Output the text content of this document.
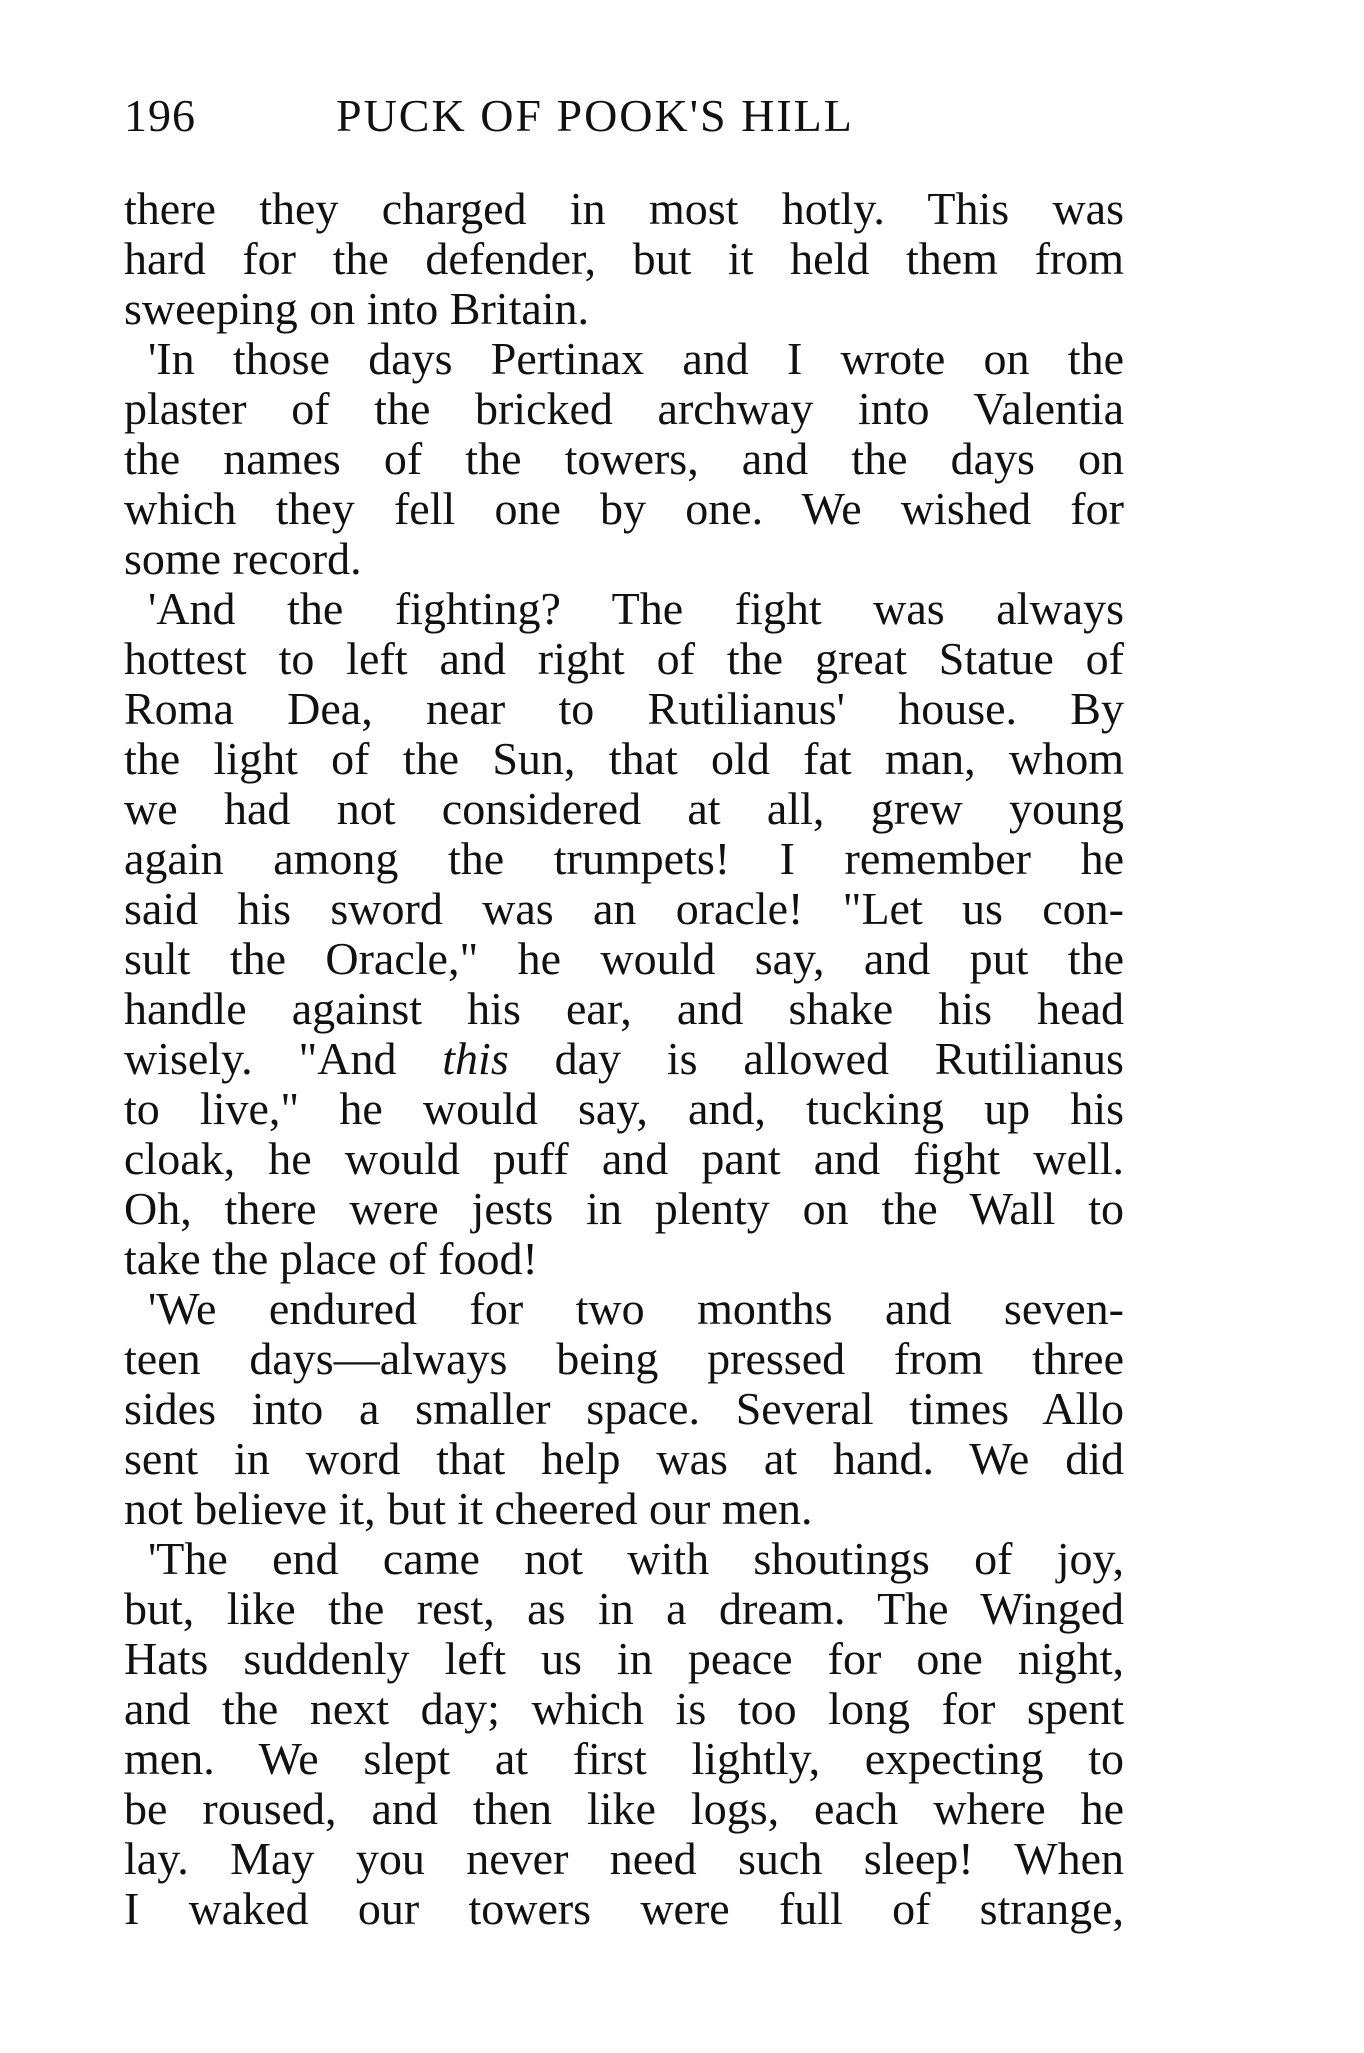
196	PUCK OF POOK'S HILL
there they charged in most hotly. This was
hard for the defender, but it held them from
sweeping on into Britain.
'In those days Pertinax and I wrote on the
plaster of the bricked archway into Valentia
the names of the towers, and the days on
which they fell one by one. We wished for
some record.
'And the fighting? The fight was always
hottest to left and right of the great Statue of
Roma Dea, near to Rutilianus' house. By
the light of the Sun, that old fat man, whom
we had not considered at all, grew young
again among the trumpets! I remember he
said his sword was an oracle! "Let us con-
sult the Oracle," he would say, and put the
handle against his ear, and shake his head
wisely. "And this day is allowed Rutilianus
to live," he would say, and, tucking up his
cloak, he would puff and pant and fight well.
Oh, there were jests in plenty on the Wall to
take the place of food!
'We endured for two months and seven-
teen days—always being pressed from three
sides into a smaller space. Several times Allo
sent in word that help was at hand. We did
not believe it, but it cheered our men.
'The end came not with shoutings of joy,
but, like the rest, as in a dream. The Winged
Hats suddenly left us in peace for one night,
and the next day; which is too long for spent
men. We slept at first lightly, expecting to
be roused, and then like logs, each where he
lay. May you never need such sleep! When
I waked our towers were full of strange,
